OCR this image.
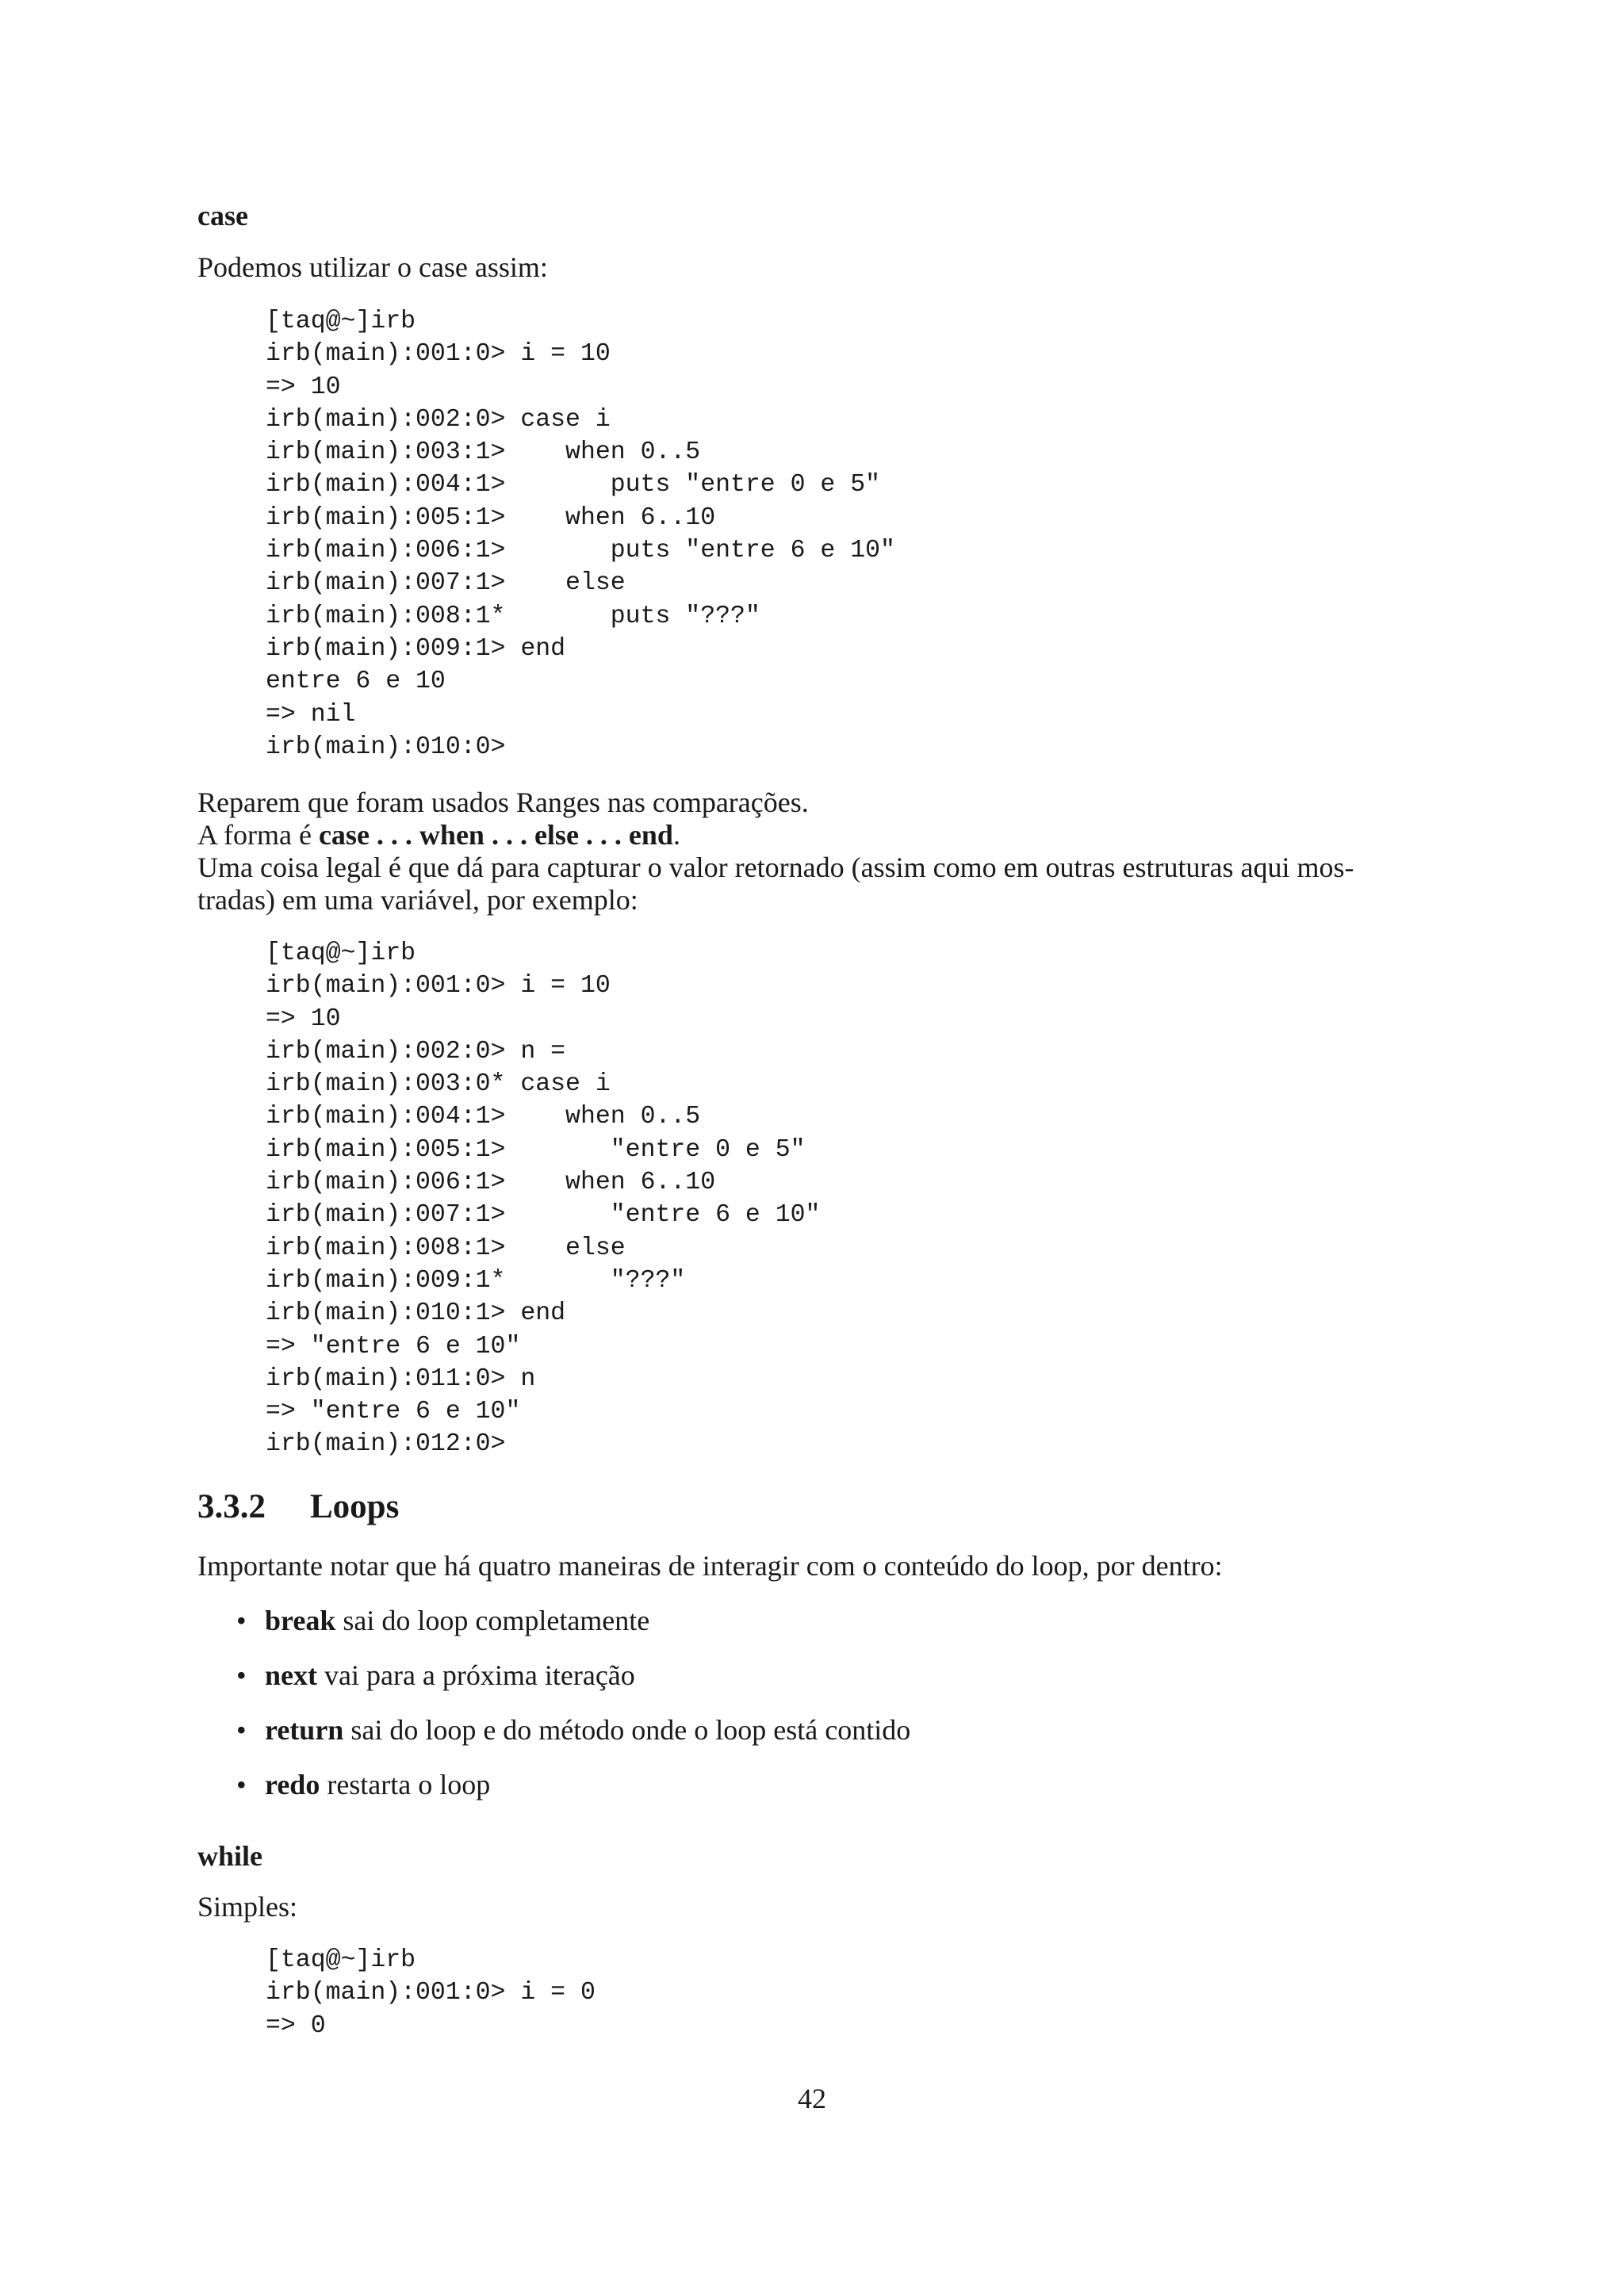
case
Podemos utilizar o case assim:
[taq@~]irb
irb(main):001:0> i = 10
=> 10
irb(main):002:0> case i
irb(main):003:1>    when 0..5
irb(main):004:1>       puts "entre 0 e 5"
irb(main):005:1>    when 6..10
irb(main):006:1>       puts "entre 6 e 10"
irb(main):007:1>    else
irb(main):008:1*       puts "???"
irb(main):009:1> end
entre 6 e 10
=> nil
irb(main):010:0>
Reparem que foram usados Ranges nas comparações.
A forma é case . . . when . . . else . . . end.
Uma coisa legal é que dá para capturar o valor retornado (assim como em outras estruturas aqui mos-
tradas) em uma variável, por exemplo:
[taq@~]irb
irb(main):001:0> i = 10
=> 10
irb(main):002:0> n =
irb(main):003:0* case i
irb(main):004:1>    when 0..5
irb(main):005:1>       "entre 0 e 5"
irb(main):006:1>    when 6..10
irb(main):007:1>       "entre 6 e 10"
irb(main):008:1>    else
irb(main):009:1*       "???"
irb(main):010:1> end
=> "entre 6 e 10"
irb(main):011:0> n
=> "entre 6 e 10"
irb(main):012:0>
3.3.2 Loops
Importante notar que há quatro maneiras de interagir com o conteúdo do loop, por dentro:
• break sai do loop completamente
• next vai para a próxima iteração
• return sai do loop e do método onde o loop está contido
• redo restarta o loop
while
Simples:
[taq@~]irb
irb(main):001:0> i = 0
=> 0
42
